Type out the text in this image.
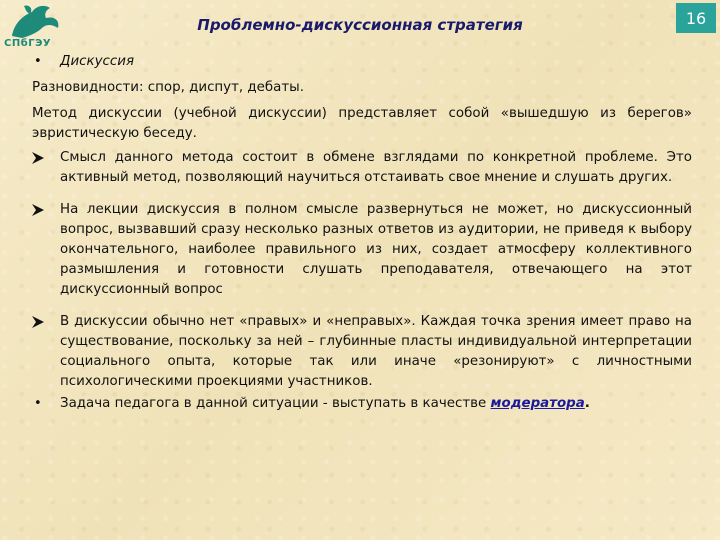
СПбГЭУ
Проблемно-дискуссионная стратегия	16
• Дискуссия

Разновидности: спор, диспут, дебаты.

Метод дискуссии (учебной дискуссии) представляет собой «вышедшую из берегов» эвристическую беседу.

Смысл данного метода состоит в обмене взглядами по конкретной проблеме. Это активный метод, позволяющий научиться отстаивать свое мнение и слушать других.
На лекции дискуссия в полном смысле развернуться не может, но дискуссионный вопрос, вызвавший сразу несколько разных ответов из аудитории, не приведя к выбору окончательного, наиболее правильного из них, создает атмосферу коллективного размышления и готовности слушать преподавателя, отвечающего на этот дискуссионный вопрос
В дискуссии обычно нет «правых» и «неправых». Каждая точка зрения имеет право на существование, поскольку за ней – глубинные пласты индивидуальной интерпретации социального опыта, которые так или иначе «резонируют» с личностными психологическими проекциями участников.
• Задача педагога в данной ситуации - выступать в качестве модератора.
